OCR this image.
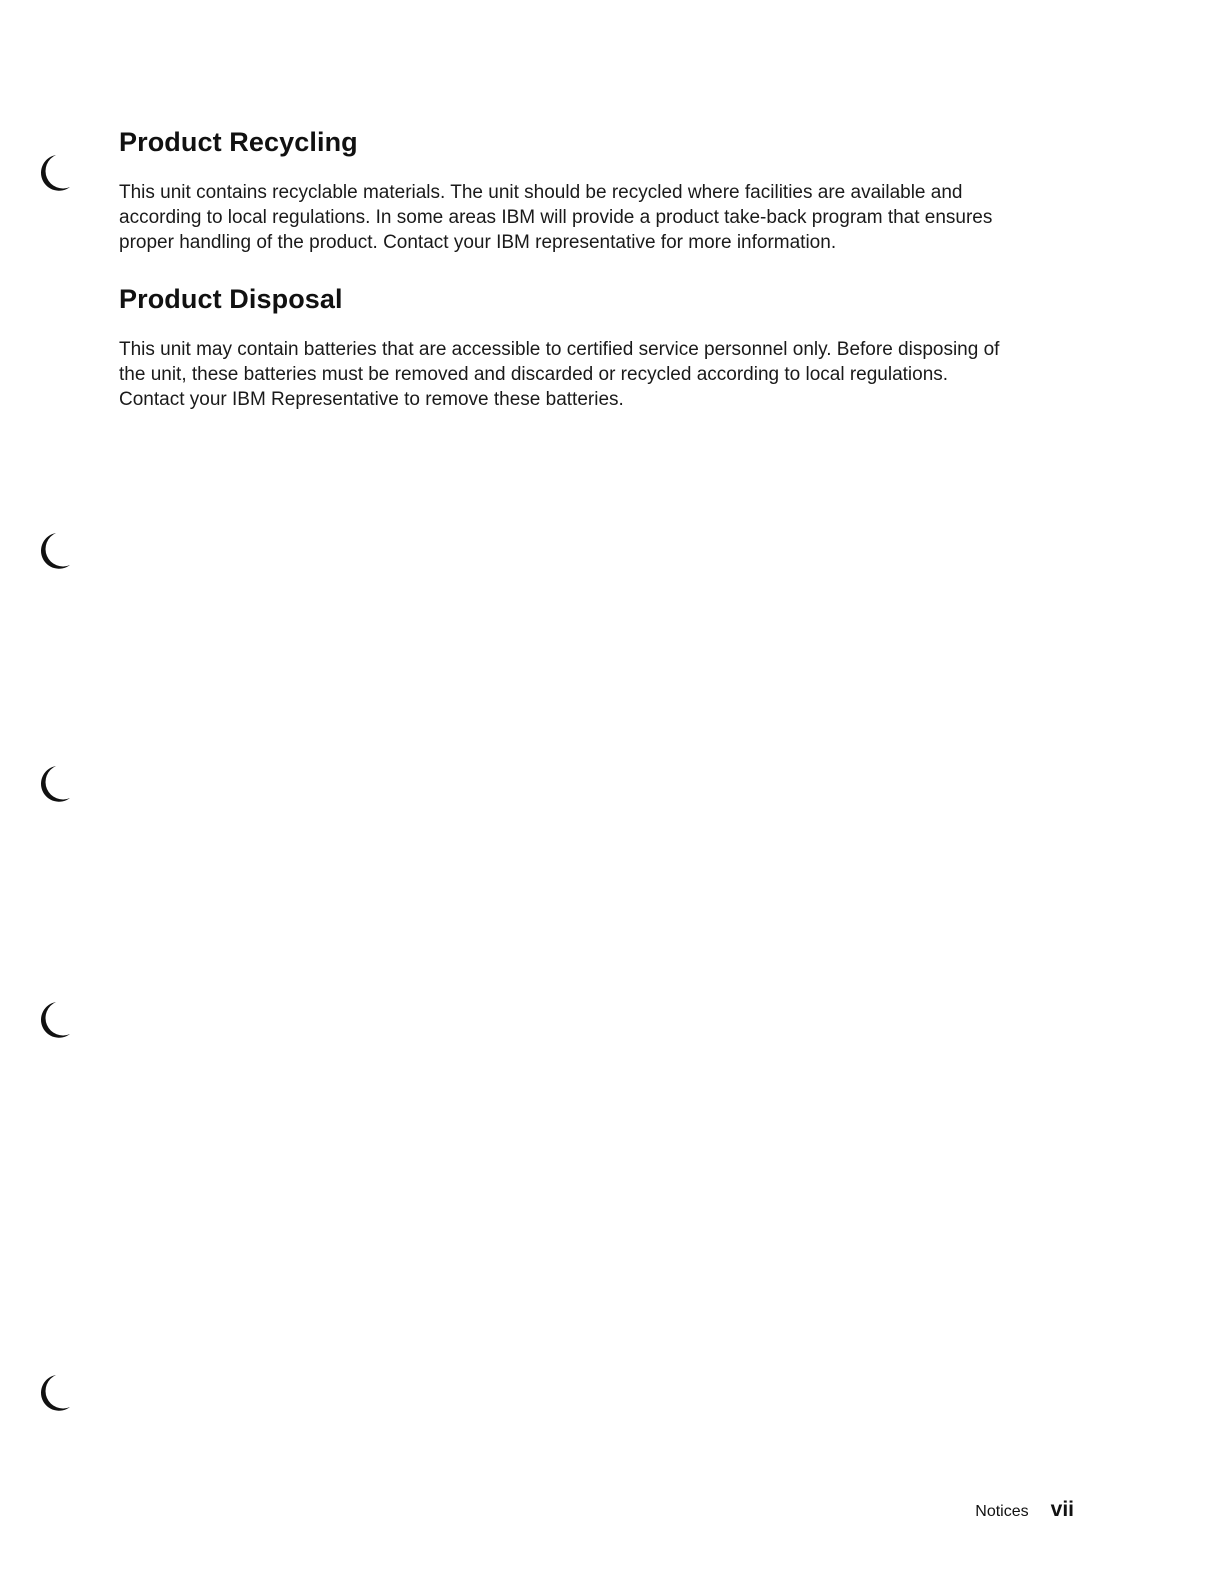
Product Recycling

This unit contains recyclable materials. The unit should be recycled where facilities are available and
according to local regulations. In some areas IBM will provide a product take-back program that ensures
proper handling of the product. Contact your IBM representative for more information.

Product Disposal

This unit may contain batteries that are accessible to certified service personnel only. Before disposing of
the unit, these batteries must be removed and discarded or recycled according to local regulations.
Contact your IBM Representative to remove these batteries.

Notices vii
